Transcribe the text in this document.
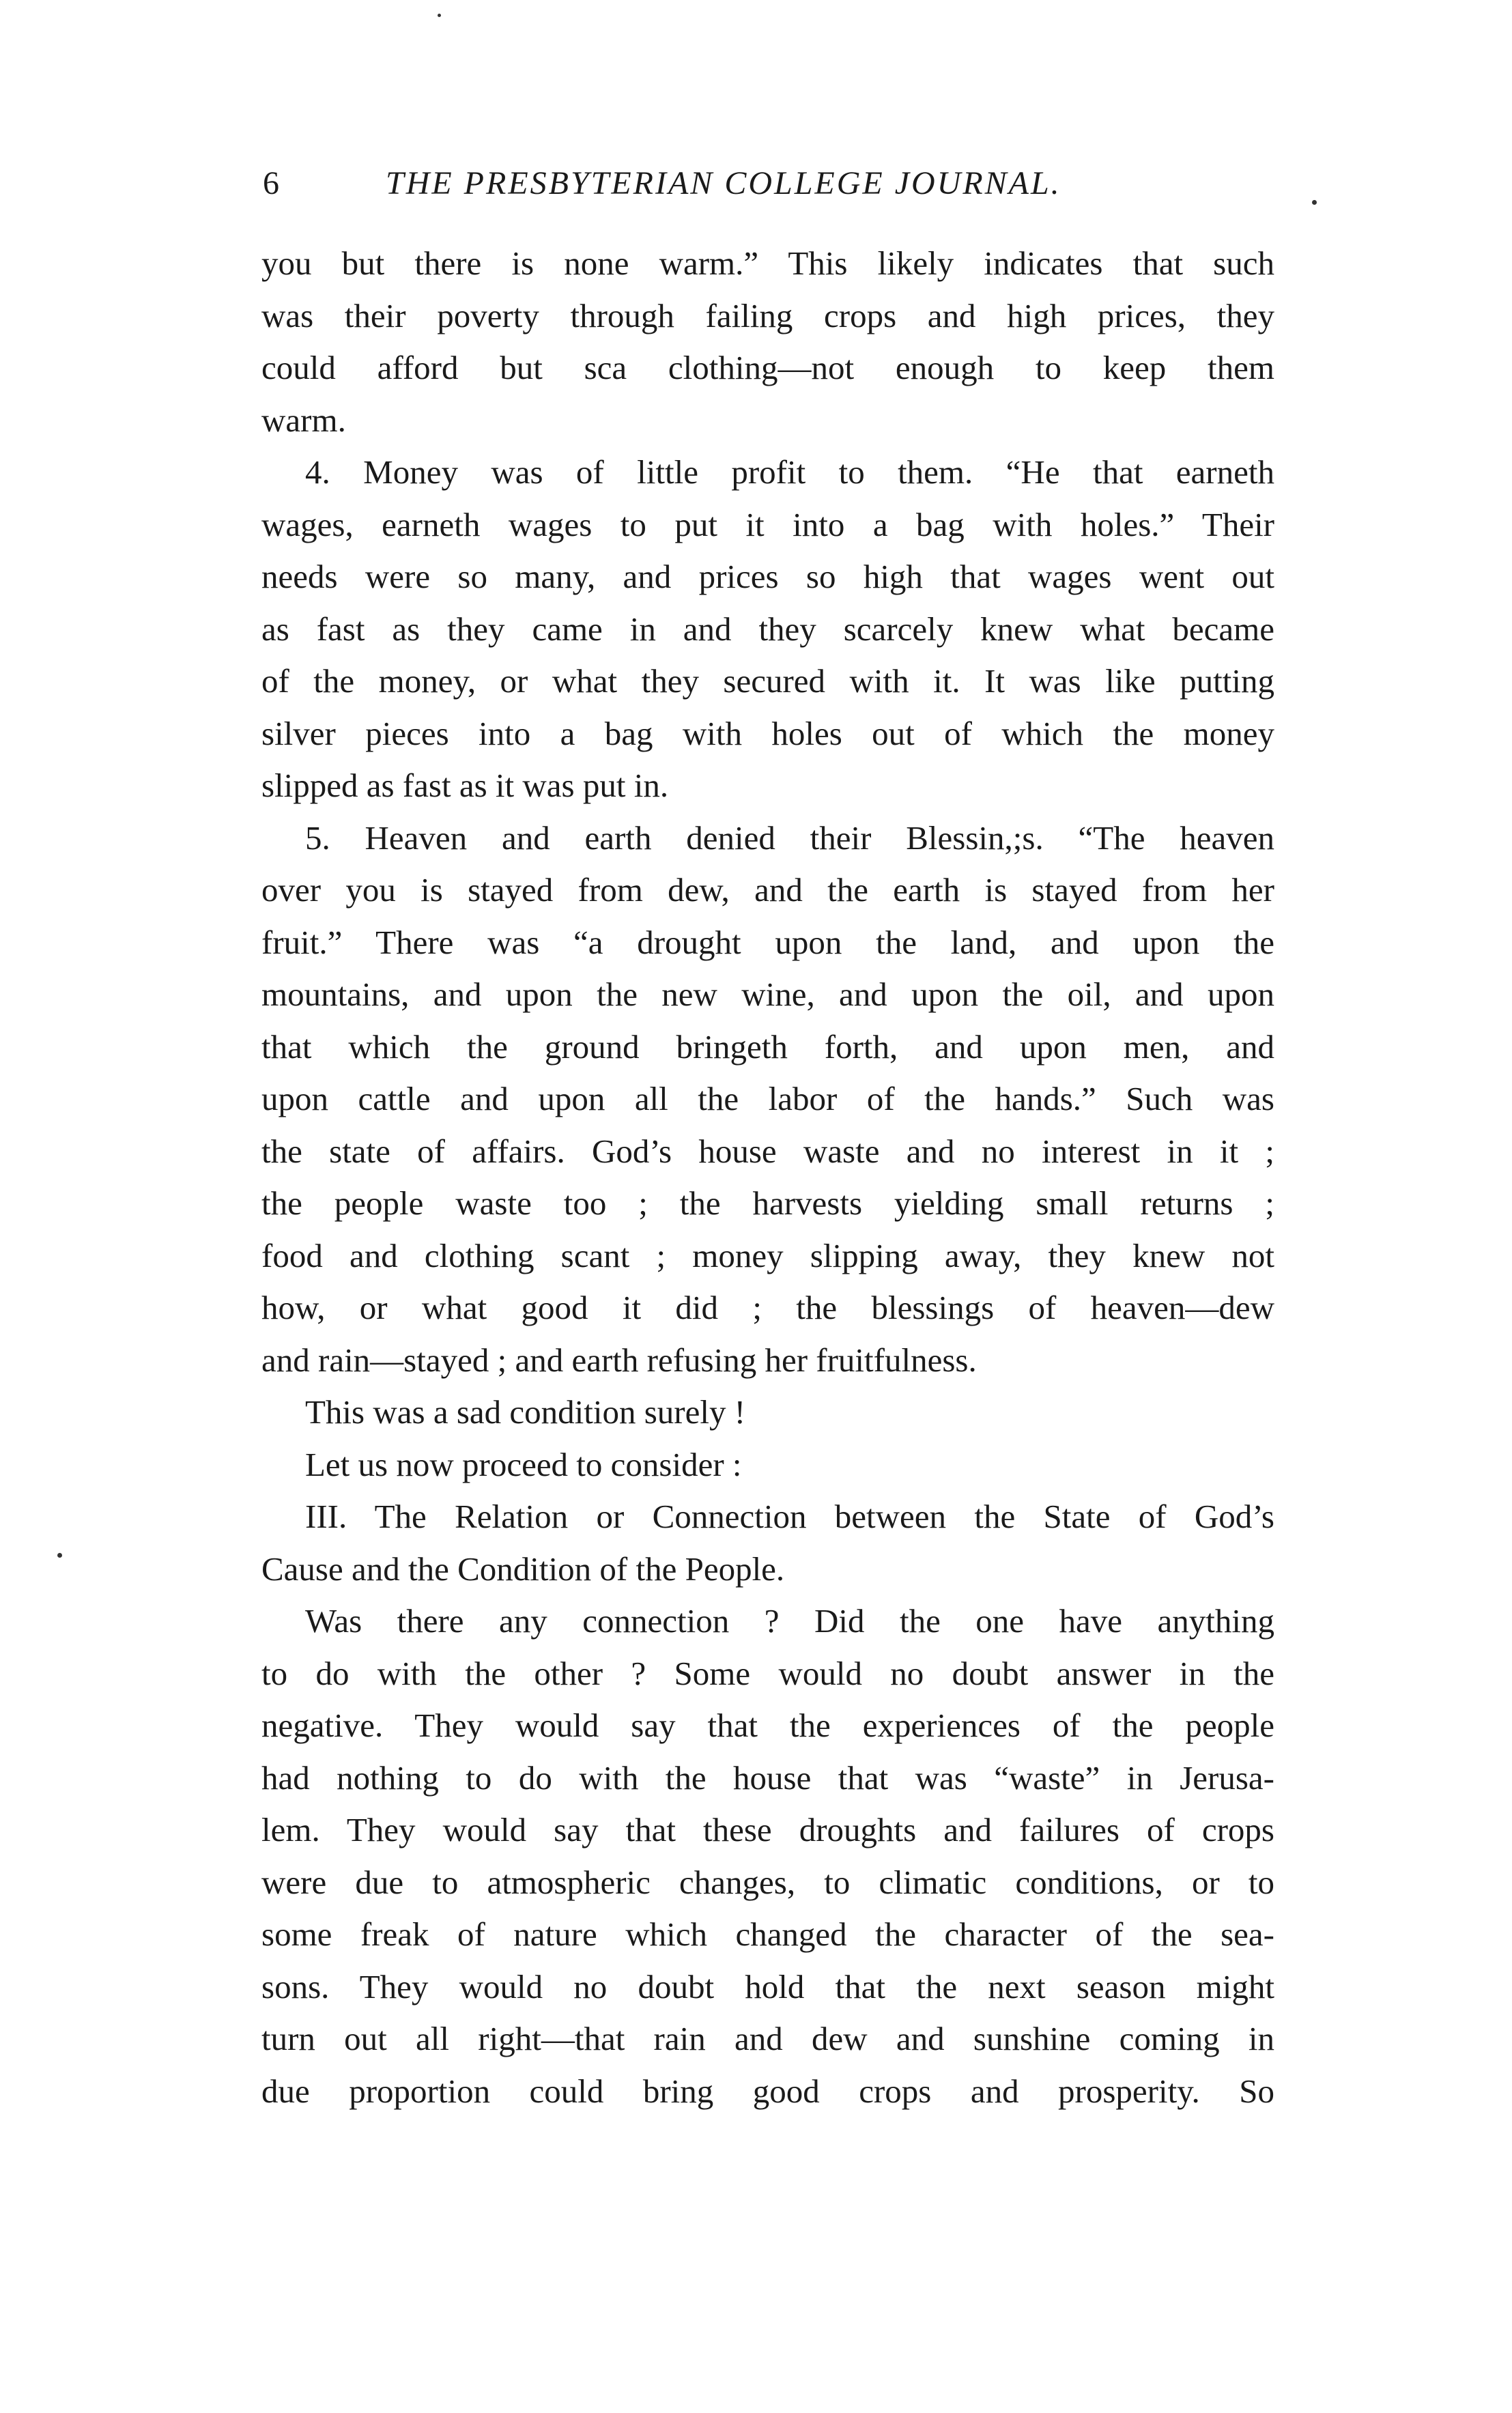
6	THE PRESBYTERIAN COLLEGE JOURNAL.
you but there is none warm.” This likely indicates that such
was their poverty through failing crops and high prices, they
could afford but sca clothing—not enough to keep them
warm.
4. Money was of little profit to them. “He that earneth
wages, earneth wages to put it into a bag with holes.” Their
needs were so many, and prices so high that wages went out
as fast as they came in and they scarcely knew what became
of the money, or what they secured with it. It was like putting
silver pieces into a bag with holes out of which the money
slipped as fast as it was put in.
5. Heaven and earth denied their Blessin,;s. “The heaven
over you is stayed from dew, and the earth is stayed from her
fruit.” There was “a drought upon the land, and upon the
mountains, and upon the new wine, and upon the oil, and upon
that which the ground bringeth forth, and upon men, and
upon cattle and upon all the labor of the hands.” Such was
the state of affairs. God’s house waste and no interest in it ;
the people waste too ; the harvests yielding small returns ;
food and clothing scant ; money slipping away, they knew not
how, or what good it did ; the blessings of heaven—dew
and rain—stayed ; and earth refusing her fruitfulness.
This was a sad condition surely !
Let us now proceed to consider :
III. The Relation or Connection between the State of God’s
Cause and the Condition of the People.
Was there any connection ? Did the one have anything
to do with the other ? Some would no doubt answer in the
negative. They would say that the experiences of the people
had nothing to do with the house that was “waste” in Jerusa-
lem. They would say that these droughts and failures of crops
were due to atmospheric changes, to climatic conditions, or to
some freak of nature which changed the character of the sea-
sons. They would no doubt hold that the next season might
turn out all right—that rain and dew and sunshine coming in
due proportion could bring good crops and prosperity. So
